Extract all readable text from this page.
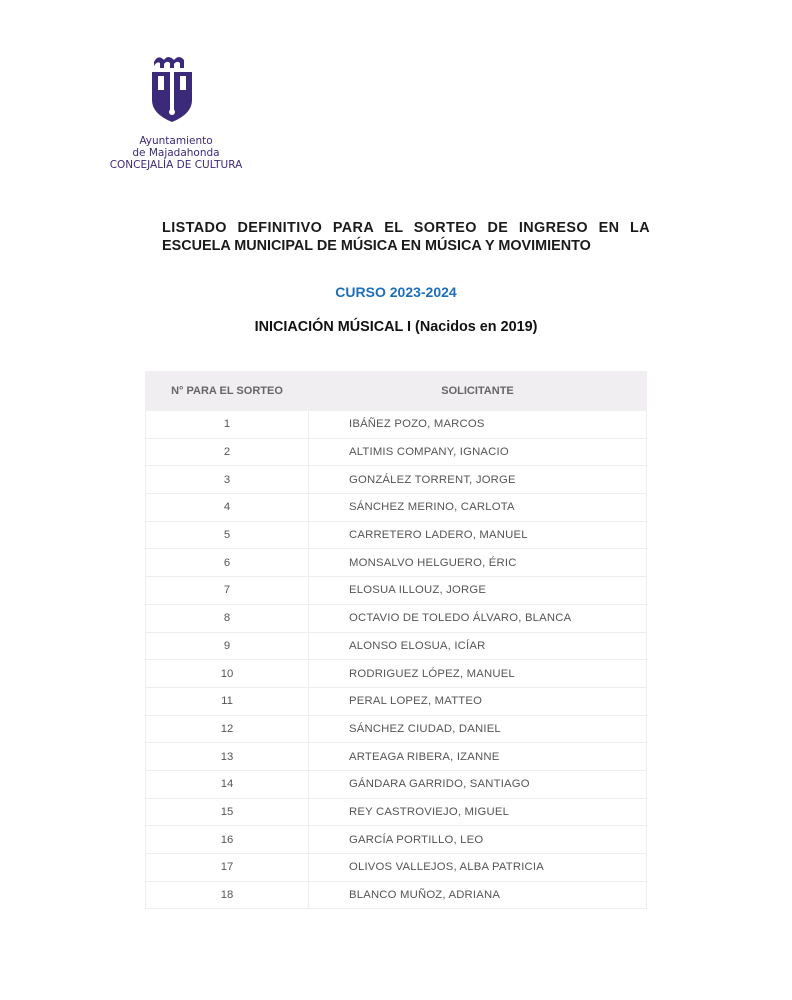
Ayuntamiento
de Majadahonda
CONCEJALÍA DE CULTURA
LISTADO DEFINITIVO PARA EL SORTEO DE INGRESO EN LA
ESCUELA MUNICIPAL DE MÚSICA EN MÚSICA Y MOVIMIENTO
CURSO 2023-2024
INICIACIÓN MÚSICAL I (Nacidos en 2019)
N° PARA EL SORTEO	SOLICITANTE
1	IBÁÑEZ POZO, MARCOS
2	ALTIMIS COMPANY, IGNACIO
3	GONZÁLEZ TORRENT, JORGE
4	SÁNCHEZ MERINO, CARLOTA
5	CARRETERO LADERO, MANUEL
6	MONSALVO HELGUERO, ÉRIC
7	ELOSUA ILLOUZ, JORGE
8	OCTAVIO DE TOLEDO ÁLVARO, BLANCA
9	ALONSO ELOSUA, ICÍAR
10	RODRIGUEZ LÓPEZ, MANUEL
11	PERAL LOPEZ, MATTEO
12	SÁNCHEZ CIUDAD, DANIEL
13	ARTEAGA RIBERA, IZANNE
14	GÁNDARA GARRIDO, SANTIAGO
15	REY CASTROVIEJO, MIGUEL
16	GARCÍA PORTILLO, LEO
17	OLIVOS VALLEJOS, ALBA PATRICIA
18	BLANCO MUÑOZ, ADRIANA
